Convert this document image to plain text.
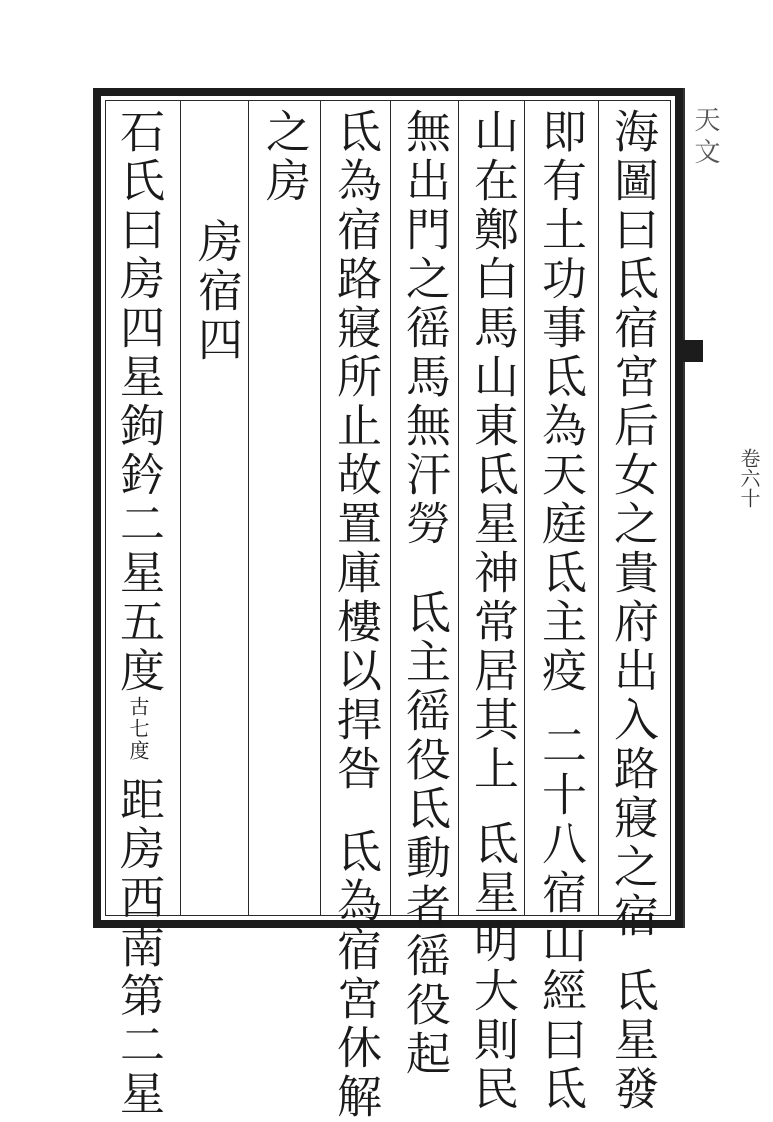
海圖曰氐宿宮后女之貴府出入路寢之宿氐星發
即有土功事氐為天庭氐主疫二十八宿山經曰氐
山在鄭白馬山東氐星神常居其上氐星明大則民
無出門之徭馬無汗勞氐主徭役氐動者徭役起
氐為宿路寢所止故置庫樓以捍咎氐為宿宮休解
之房
房宿四
石氏曰房四星鉤鈐二星五度古七度距房西南第二星
天文
卷六十
